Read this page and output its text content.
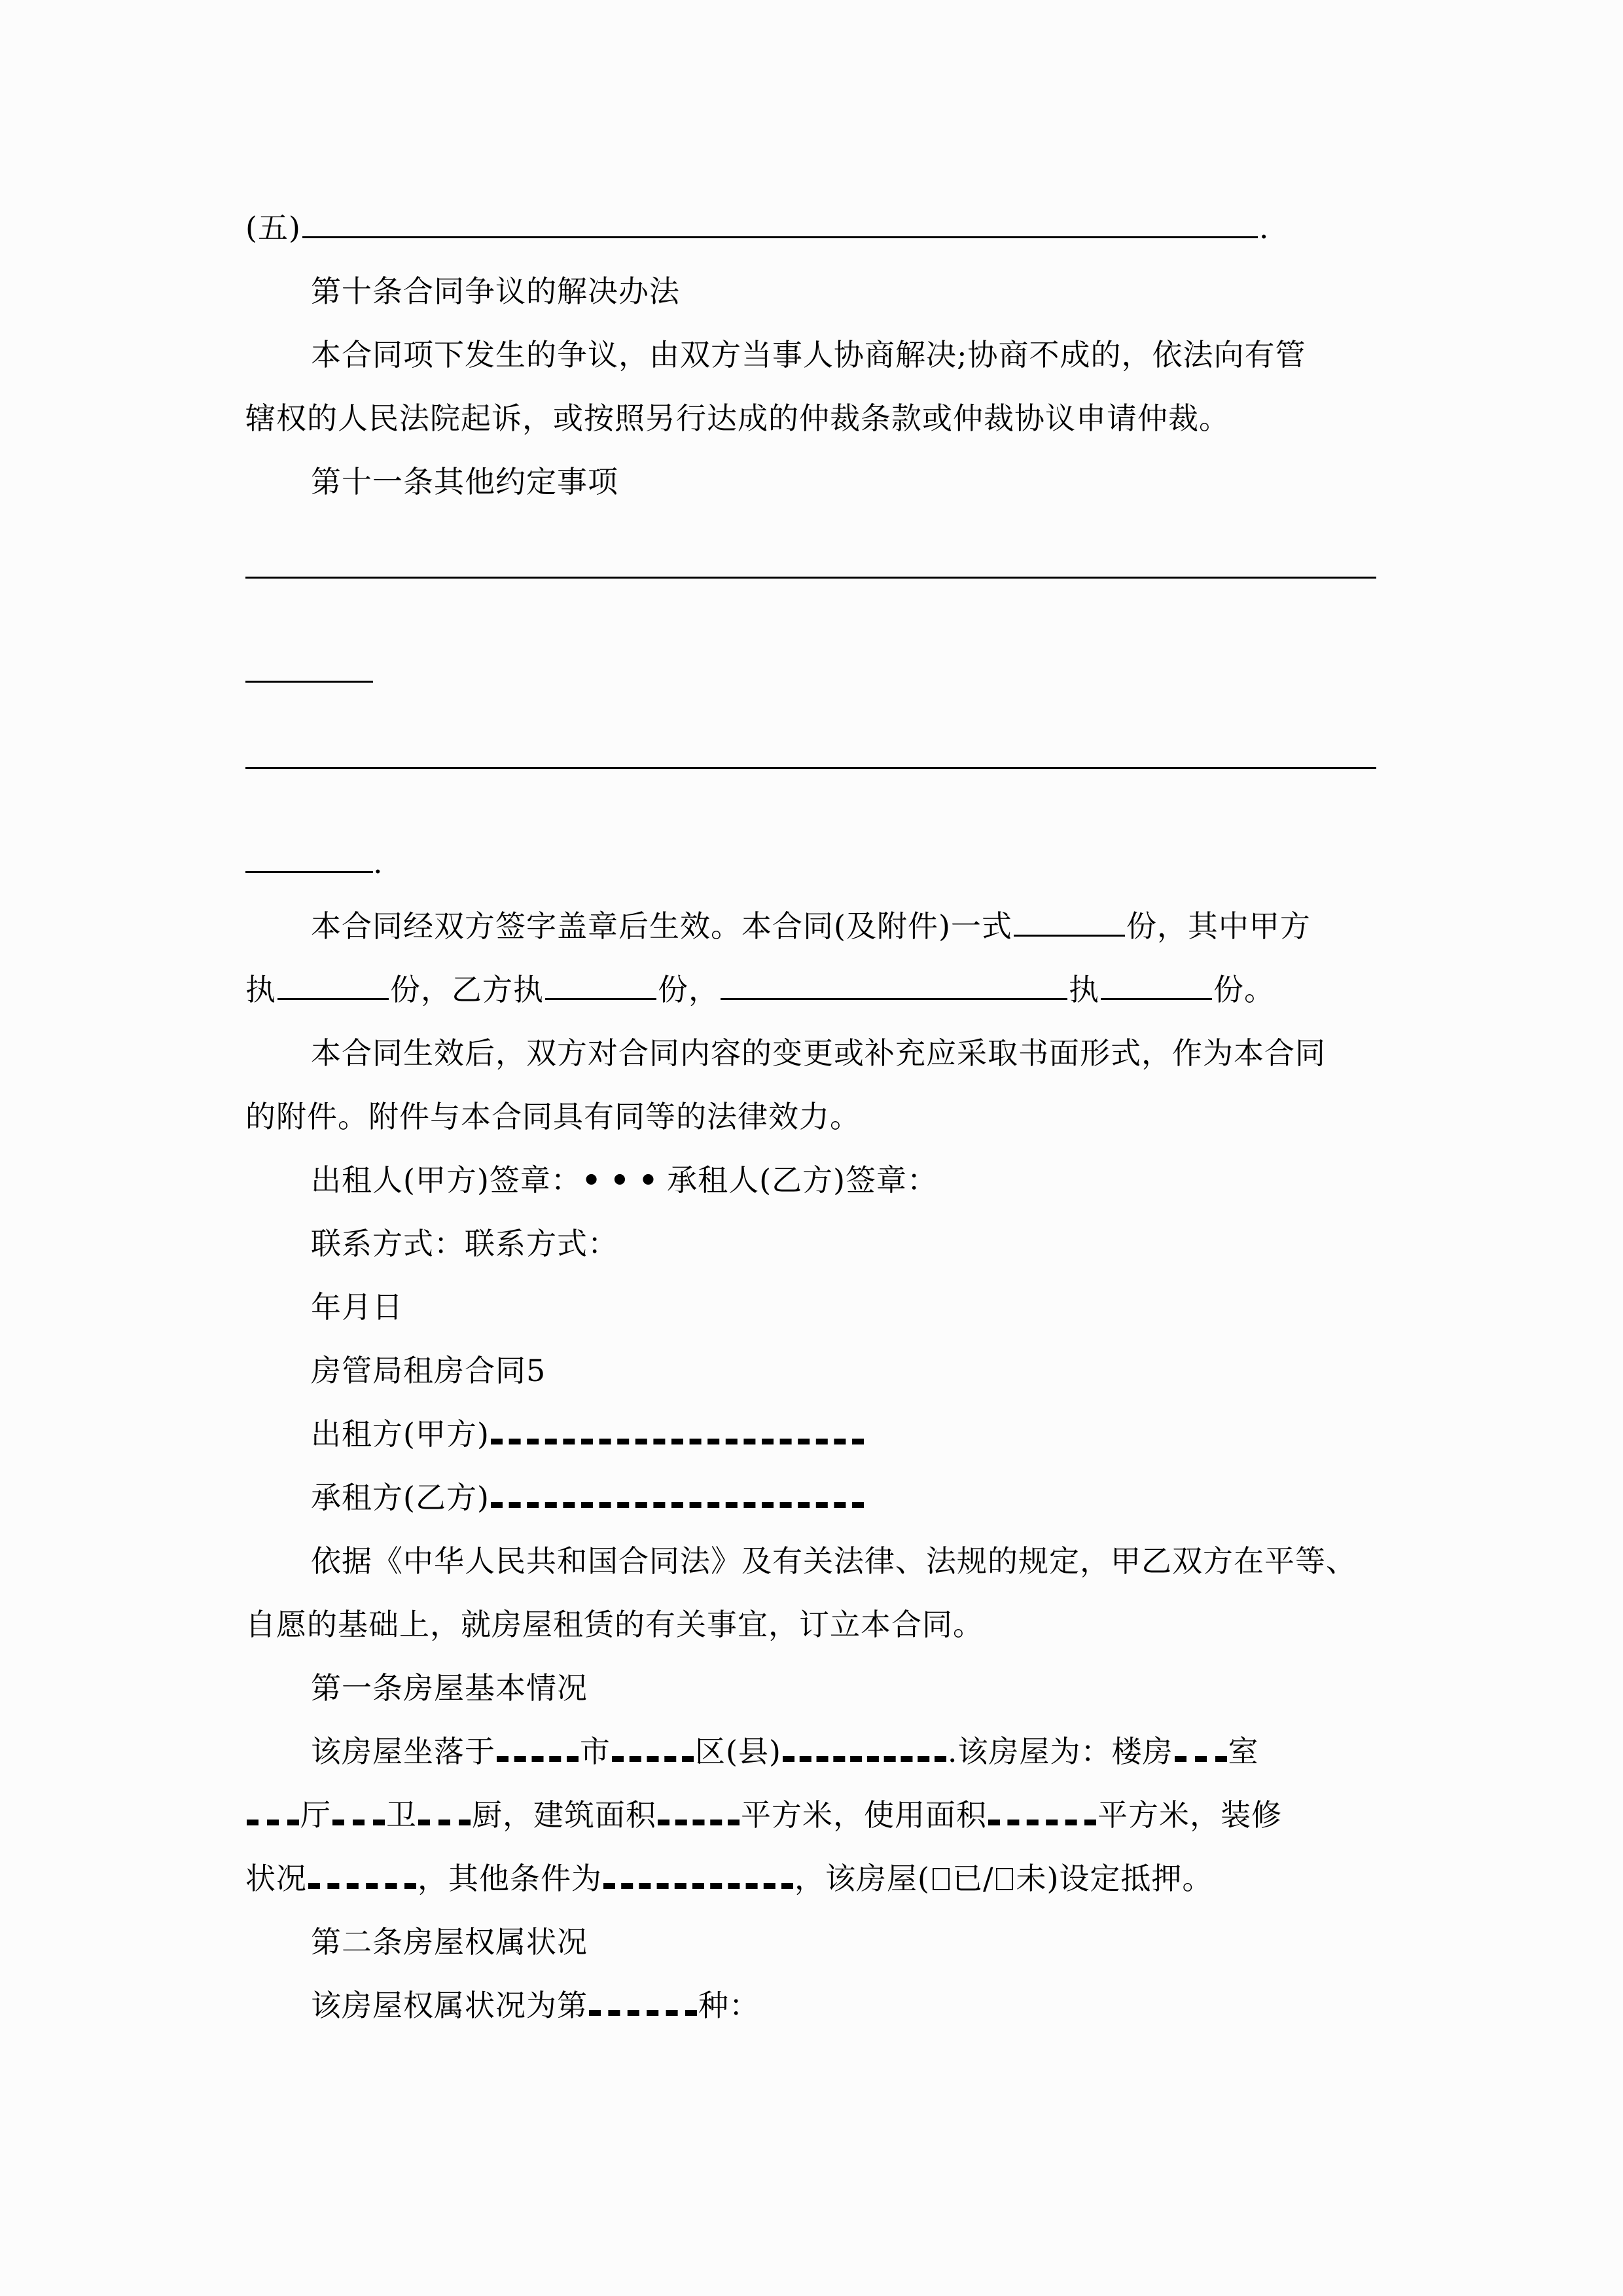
(五)	.
第十条合同争议的解决办法
本合同项下发生的争议，由双方当事人协商解决;协商不成的，依法向有管
辖权的人民法院起诉，或按照另行达成的仲裁条款或仲裁协议申请仲裁。
第十一条其他约定事项
.
本合同经双方签字盖章后生效。本合同(及附件)一式	份，其中甲方
执	份，乙方执	份，	执	份。
本合同生效后，双方对合同内容的变更或补充应采取书面形式，作为本合同
的附件。附件与本合同具有同等的法律效力。
出租人(甲方)签章：•••承租人(乙方)签章：
联系方式：联系方式：
年月日
房管局租房合同5
出租方(甲方)
承租方(乙方)
依据《中华人民共和国合同法》及有关法律、法规的规定，甲乙双方在平等、
自愿的基础上，就房屋租赁的有关事宜，订立本合同。
第一条房屋基本情况
该房屋坐落于	市	区(县)	.该房屋为：楼房 室
厅 卫 厨，建筑面积	平方米，使用面积	平方米，装修
状况	，其他条件为	，该房屋( 已/ 未)设定抵押。
第二条房屋权属状况
该房屋权属状况为第	种：
